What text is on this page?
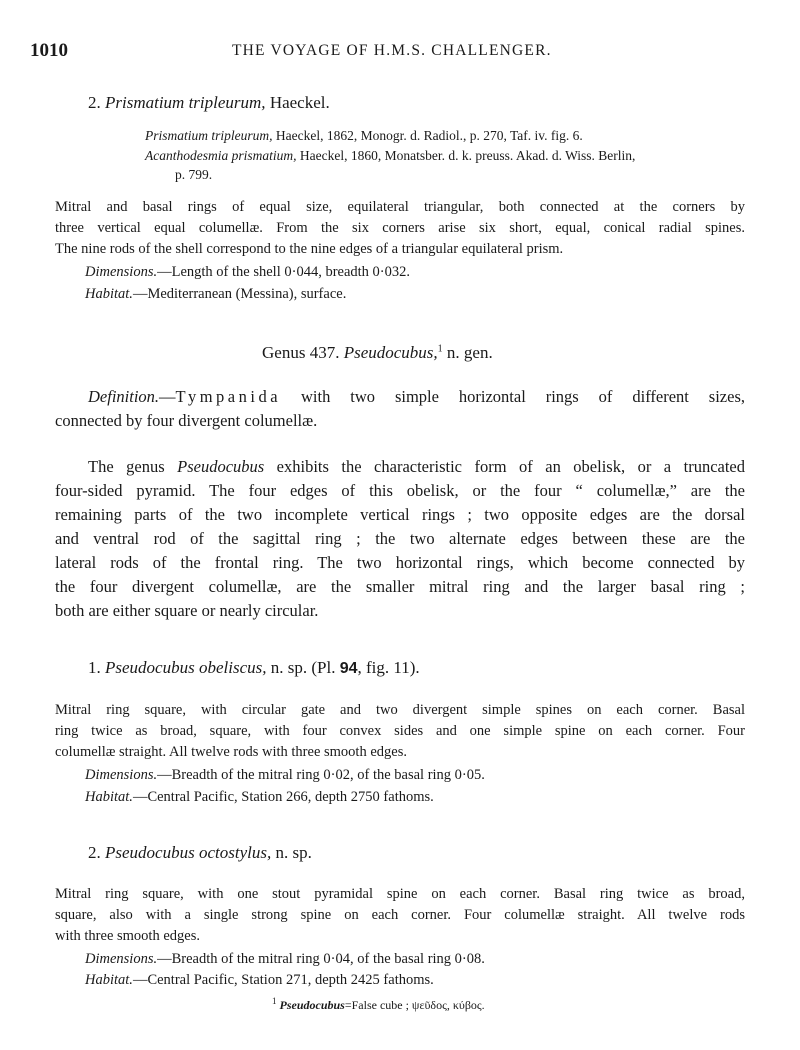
1010	THE VOYAGE OF H.M.S. CHALLENGER.
2. Prismatium tripleurum, Haeckel.
Prismatium tripleurum, Haeckel, 1862, Monogr. d. Radiol., p. 270, Taf. iv. fig. 6.
Acanthodesmia prismatium, Haeckel, 1860, Monatsber. d. k. preuss. Akad. d. Wiss. Berlin,
p. 799.
Mitral and basal rings of equal size, equilateral triangular, both connected at the corners by
three vertical equal columellæ. From the six corners arise six short, equal, conical radial spines.
The nine rods of the shell correspond to the nine edges of a triangular equilateral prism.
Dimensions.—Length of the shell 0·044, breadth 0·032.
Habitat.—Mediterranean (Messina), surface.
Genus 437. Pseudocubus,$^1$ n. gen.
Definition.—Tympanida with two simple horizontal rings of different sizes,
connected by four divergent columellæ.
The genus Pseudocubus exhibits the characteristic form of an obelisk, or a truncated
four-sided pyramid. The four edges of this obelisk, or the four “ columellæ,” are the
remaining parts of the two incomplete vertical rings ; two opposite edges are the dorsal
and ventral rod of the sagittal ring ; the two alternate edges between these are the
lateral rods of the frontal ring. The two horizontal rings, which become connected by
the four divergent columellæ, are the smaller mitral ring and the larger basal ring ;
both are either square or nearly circular.
1. Pseudocubus obeliscus, n. sp. (Pl. 94, fig. 11).
Mitral ring square, with circular gate and two divergent simple spines on each corner. Basal
ring twice as broad, square, with four convex sides and one simple spine on each corner. Four
columellæ straight. All twelve rods with three smooth edges.
Dimensions.—Breadth of the mitral ring 0·02, of the basal ring 0·05.
Habitat.—Central Pacific, Station 266, depth 2750 fathoms.
2. Pseudocubus octostylus, n. sp.
Mitral ring square, with one stout pyramidal spine on each corner. Basal ring twice as broad,
square, also with a single strong spine on each corner. Four columellæ straight. All twelve rods
with three smooth edges.
Dimensions.—Breadth of the mitral ring 0·04, of the basal ring 0·08.
Habitat.—Central Pacific, Station 271, depth 2425 fathoms.
$^1$ Pseudocubus=False cube ; ψεῦδος, κύβος.
